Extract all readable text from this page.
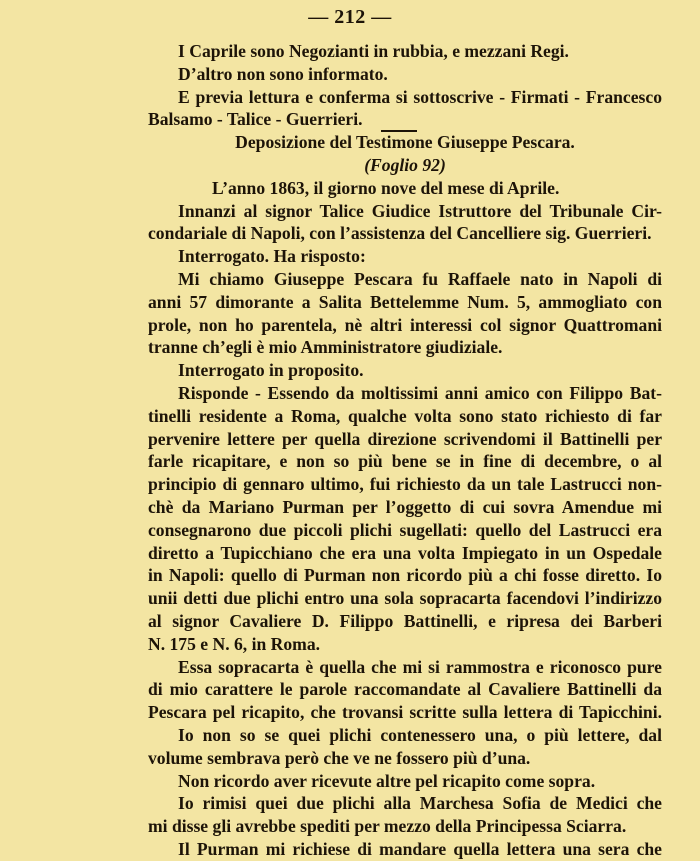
— 212 —
I Caprile sono Negozianti in rubbia, e mezzani Regi.
D’altro non sono informato.
E previa lettura e conferma si sottoscrive - Firmati - Francesco
Balsamo - Talice - Guerrieri.
Deposizione del Testimone Giuseppe Pescara.
(Foglio 92)
L’anno 1863, il giorno nove del mese di Aprile.
Innanzi al signor Talice Giudice Istruttore del Tribunale Cir-
condariale di Napoli, con l’assistenza del Cancelliere sig. Guerrieri.
Interrogato. Ha risposto:
Mi chiamo Giuseppe Pescara fu Raffaele nato in Napoli di
anni 57 dimorante a Salita Bettelemme Num. 5, ammogliato con
prole, non ho parentela, nè altri interessi col signor Quattromani
tranne ch’egli è mio Amministratore giudiziale.
Interrogato in proposito.
Risponde - Essendo da moltissimi anni amico con Filippo Bat-
tinelli residente a Roma, qualche volta sono stato richiesto di far
pervenire lettere per quella direzione scrivendomi il Battinelli per
farle ricapitare, e non so più bene se in fine di decembre, o al
principio di gennaro ultimo, fui richiesto da un tale Lastrucci non-
chè da Mariano Purman per l’oggetto di cui sovra Amendue mi
consegnarono due piccoli plichi sugellati: quello del Lastrucci era
diretto a Tupicchiano che era una volta Impiegato in un Ospedale
in Napoli: quello di Purman non ricordo più a chi fosse diretto. Io
unii detti due plichi entro una sola sopracarta facendovi l’indirizzo
al signor Cavaliere D. Filippo Battinelli, e ripresa dei Barberi
N. 175 e N. 6, in Roma.
Essa sopracarta è quella che mi si rammostra e riconosco pure
di mio carattere le parole raccomandate al Cavaliere Battinelli da
Pescara pel ricapito, che trovansi scritte sulla lettera di Tapicchini.
Io non so se quei plichi contenessero una, o più lettere, dal
volume sembrava però che ve ne fossero più d’una.
Non ricordo aver ricevute altre pel ricapito come sopra.
Io rimisi quei due plichi alla Marchesa Sofia de Medici che
mi disse gli avrebbe spediti per mezzo della Principessa Sciarra.
Il Purman mi richiese di mandare quella lettera una sera che
